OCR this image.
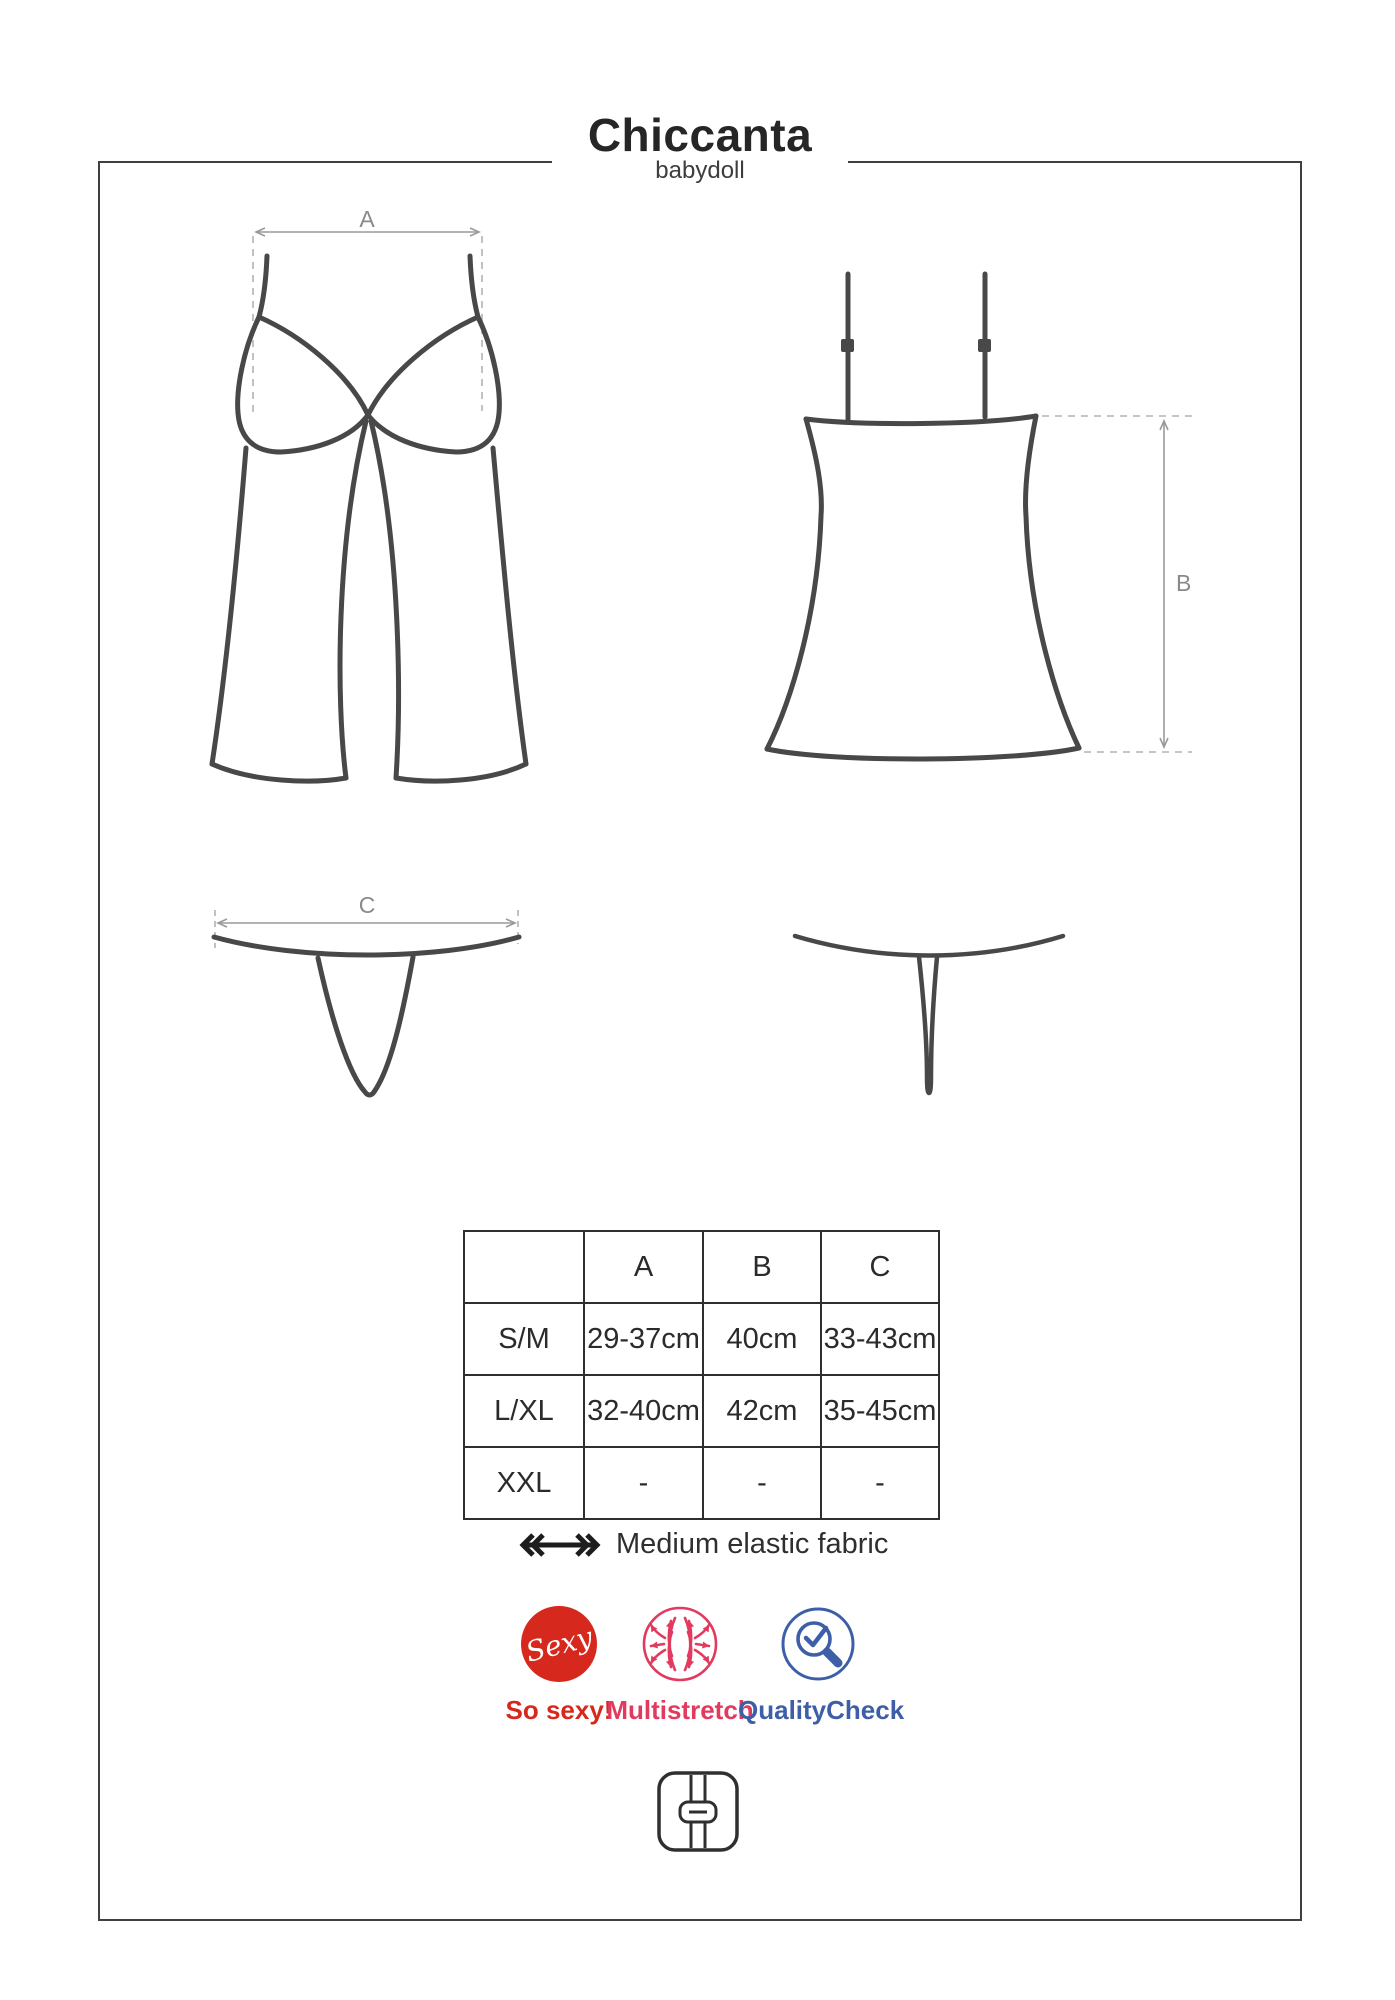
Chiccanta
babydoll
A
B
C
	A	B	C
S/M	29-37cm	40cm	33-43cm
L/XL	32-40cm	42cm	35-45cm
XXL	-	-	-
Medium elastic fabric
Sexy
So sexy!
Multistretch
QualityCheck
